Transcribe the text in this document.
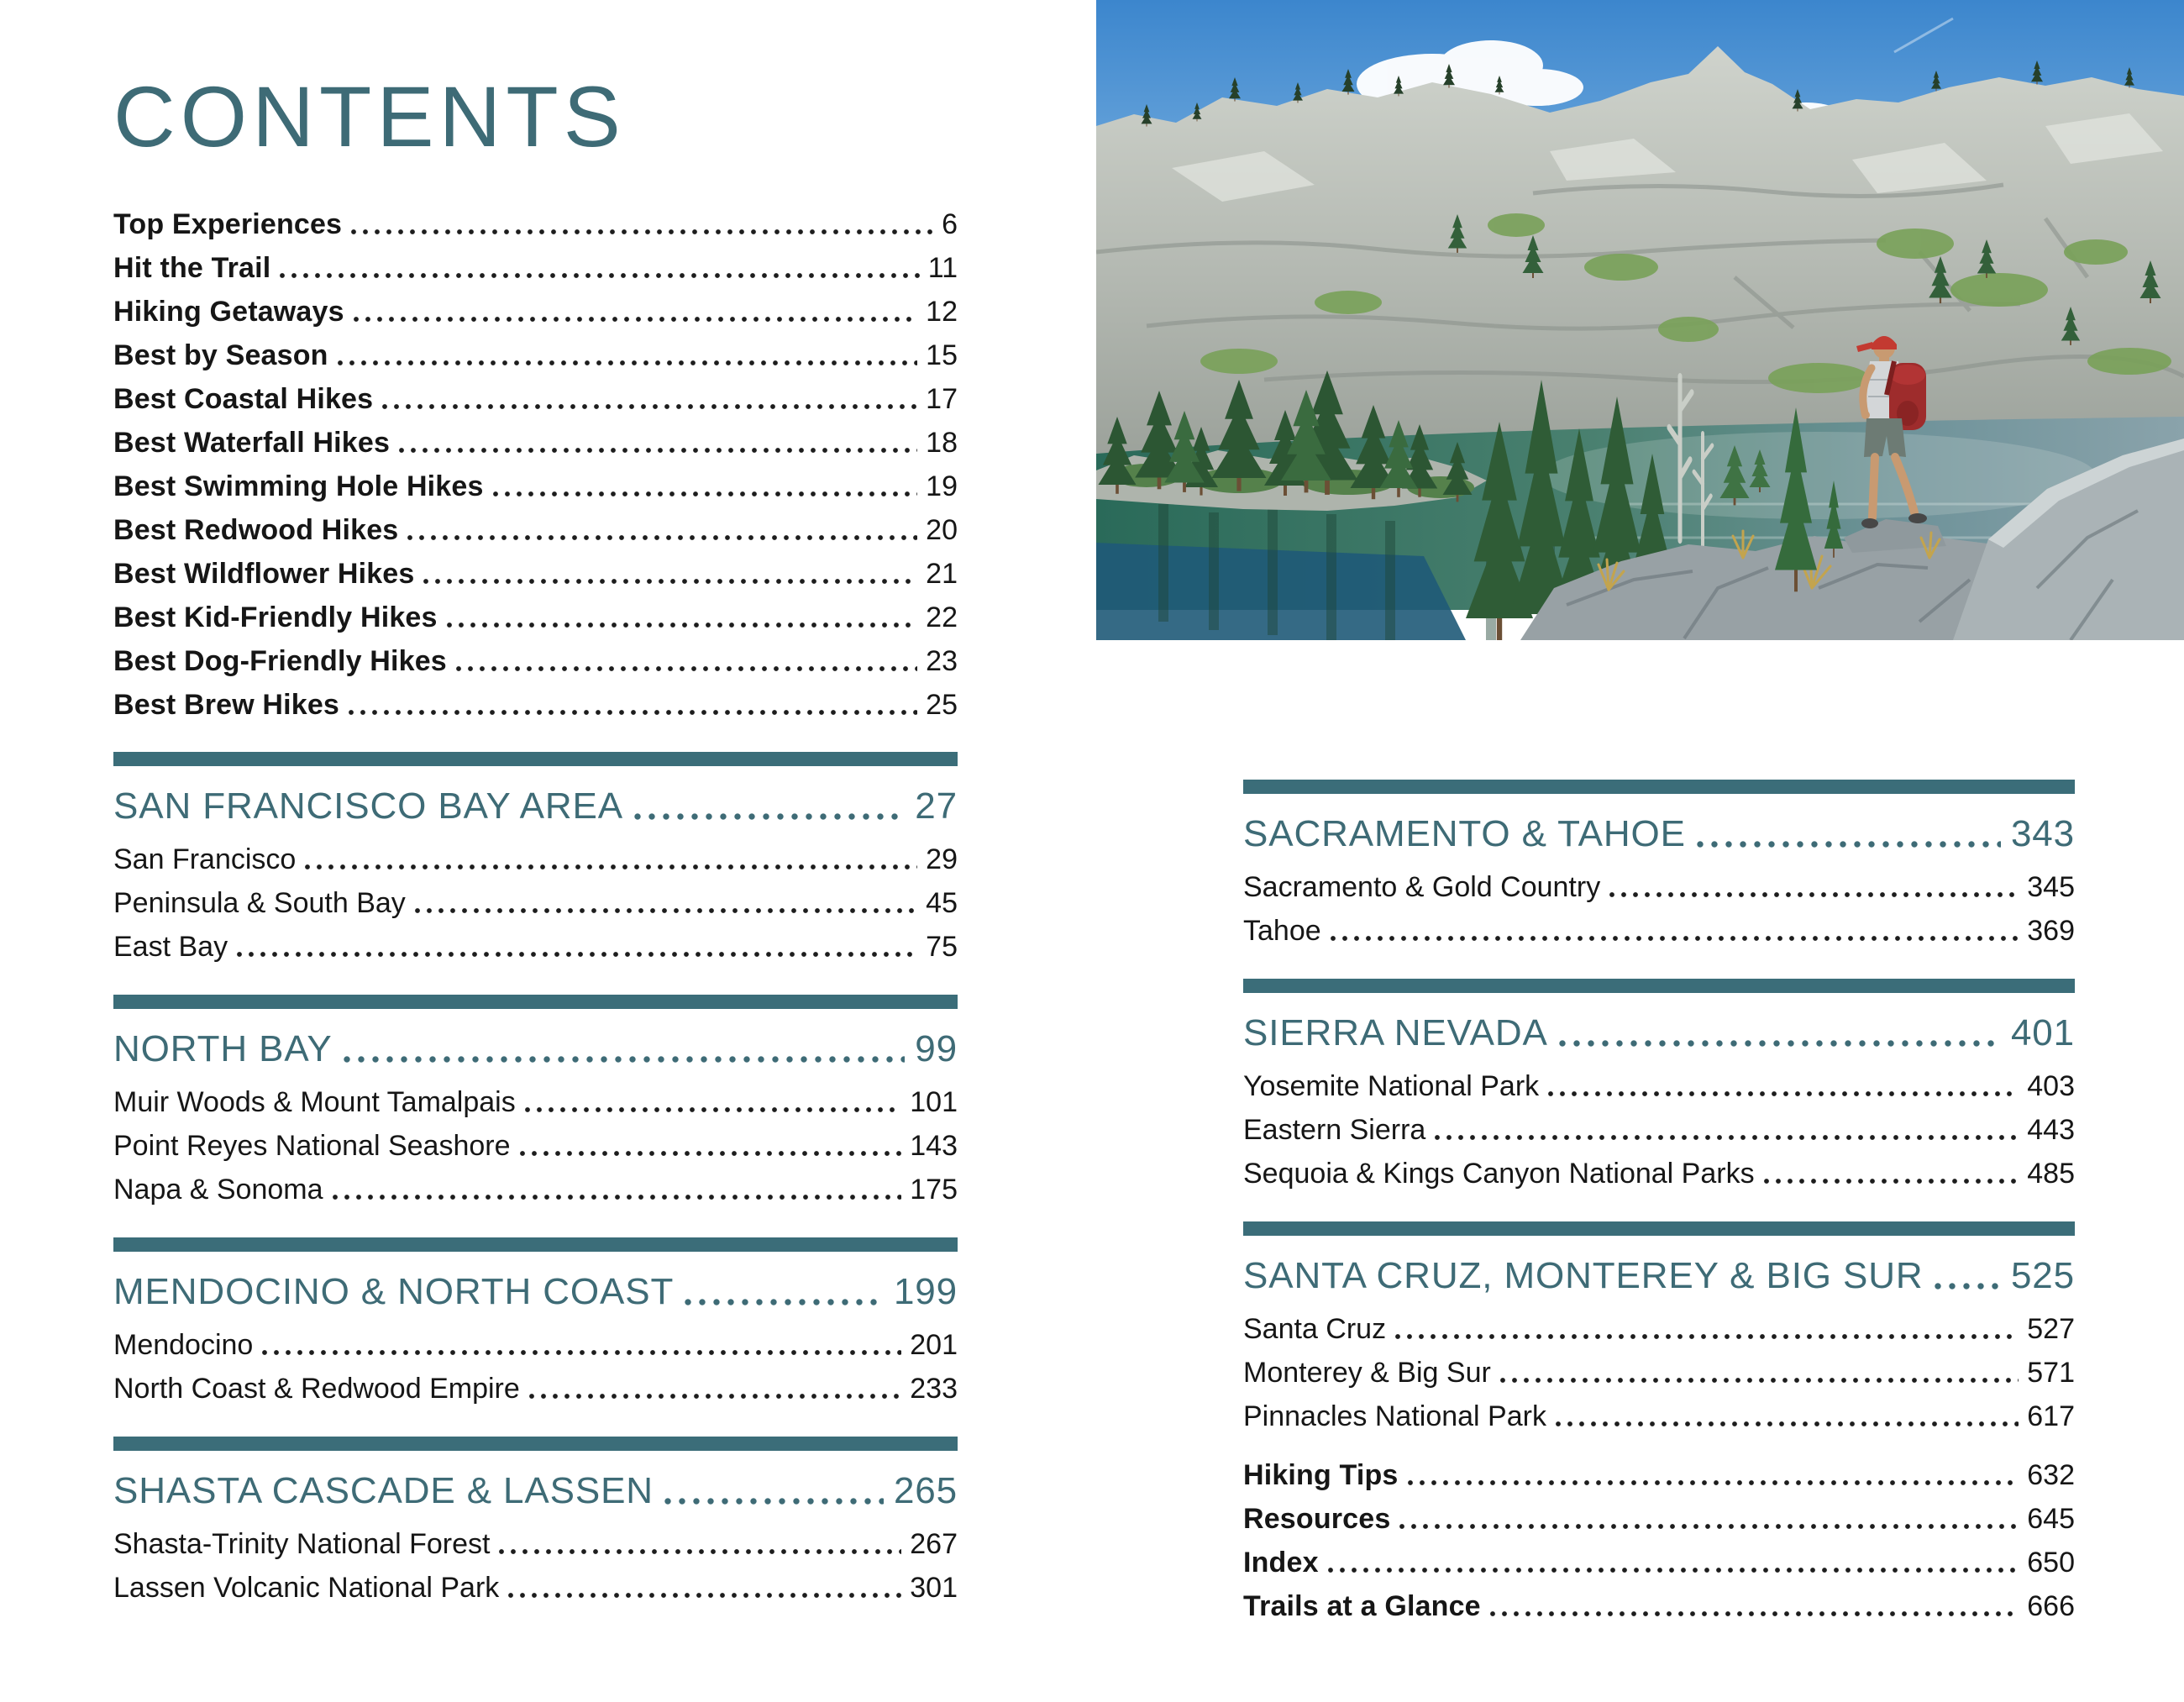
CONTENTS
Top Experiences	6
Hit the Trail	11
Hiking Getaways	12
Best by Season	15
Best Coastal Hikes	17
Best Waterfall Hikes	18
Best Swimming Hole Hikes	19
Best Redwood Hikes	20
Best Wildflower Hikes	21
Best Kid-Friendly Hikes	22
Best Dog-Friendly Hikes	23
Best Brew Hikes	25
SAN FRANCISCO BAY AREA	27
San Francisco	29
Peninsula & South Bay	45
East Bay	75
NORTH BAY	99
Muir Woods & Mount Tamalpais	101
Point Reyes National Seashore	143
Napa & Sonoma	175
MENDOCINO & NORTH COAST	199
Mendocino	201
North Coast & Redwood Empire	233
SHASTA CASCADE & LASSEN	265
Shasta-Trinity National Forest	267
Lassen Volcanic National Park	301
SACRAMENTO & TAHOE	343
Sacramento & Gold Country	345
Tahoe	369
SIERRA NEVADA	401
Yosemite National Park	403
Eastern Sierra	443
Sequoia & Kings Canyon National Parks	485
SANTA CRUZ, MONTEREY & BIG SUR 525
Santa Cruz	527
Monterey & Big Sur	571
Pinnacles National Park	617
Hiking Tips	632
Resources	645
Index	650
Trails at a Glance	666
